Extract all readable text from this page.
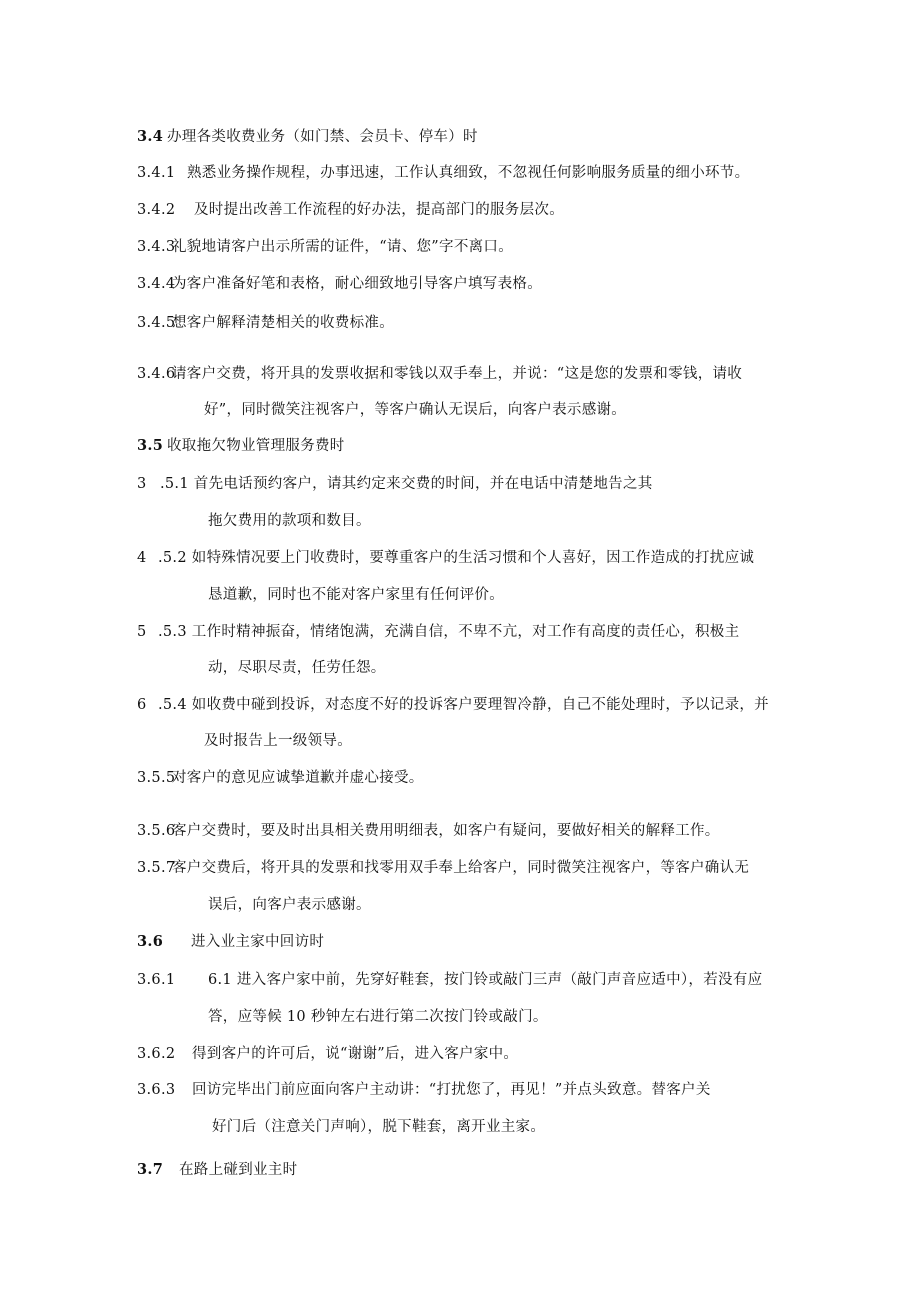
3.4 办理各类收费业务（如门禁、会员卡、停车）时
3.4.1 熟悉业务操作规程，办事迅速，工作认真细致，不忽视任何影响服务质量的细小环节。
3.4.2 及时提出改善工作流程的好办法，提高部门的服务层次。
3.4.3礼貌地请客户出示所需的证件，“请、您”字不离口。
3.4.4为客户准备好笔和表格，耐心细致地引导客户填写表格。
3.4.5想客户解释清楚相关的收费标准。
3.4.6请客户交费，将开具的发票收据和零钱以双手奉上，并说：“这是您的发票和零钱，请收
好”，同时微笑注视客户，等客户确认无误后，向客户表示感谢。
3.5 收取拖欠物业管理服务费时
3 .5.1 首先电话预约客户，请其约定来交费的时间，并在电话中清楚地告之其
拖欠费用的款项和数目。
4 .5.2 如特殊情况要上门收费时，要尊重客户的生活习惯和个人喜好，因工作造成的打扰应诚
恳道歉，同时也不能对客户家里有任何评价。
5 .5.3 工作时精神振奋，情绪饱满，充满自信，不卑不亢，对工作有高度的责任心，积极主
动，尽职尽责，任劳任怨。
6 .5.4 如收费中碰到投诉，对态度不好的投诉客户要理智冷静，自己不能处理时，予以记录，并
及时报告上一级领导。
3.5.5对客户的意见应诚挚道歉并虚心接受。
3.5.6客户交费时，要及时出具相关费用明细表，如客户有疑问，要做好相关的解释工作。
3.5.7客户交费后，将开具的发票和找零用双手奉上给客户，同时微笑注视客户，等客户确认无
误后，向客户表示感谢。
3.6 进入业主家中回访时
3.6.1 6.1 进入客户家中前，先穿好鞋套，按门铃或敲门三声（敲门声音应适中），若没有应
答，应等候 10 秒钟左右进行第二次按门铃或敲门。
3.6.2 得到客户的许可后，说“谢谢”后，进入客户家中。
3.6.3 回访完毕出门前应面向客户主动讲：“打扰您了，再见！”并点头致意。替客户关
好门后（注意关门声响），脱下鞋套，离开业主家。
3.7 在路上碰到业主时
